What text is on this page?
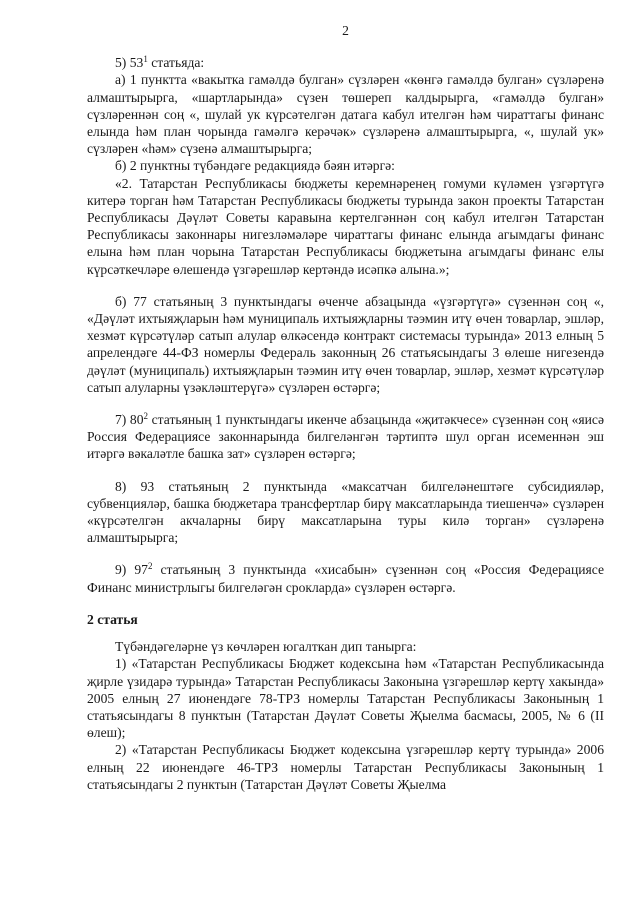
2

5) $53^1$ статьяда:

а) 1 пунктта «вакытка гамәлдә булган» сүзләрен «көнгә гамәлдә булган» сүзләренә алмаштырырга, «шартларында» сүзен төшереп калдырырга, «гамәлдә булган» сүзләреннән соң «, шулай ук күрсәтелгән датага кабул ителгән һәм чираттагы финанс елында һәм план чорында гамәлгә керәчәк» сүзләренә алмаштырырга, «, шулай ук» сүзләрен «һәм» сүзенә алмаштырырга;

б) 2 пунктны түбәндәге редакциядә бәян итәргә:

«2. Татарстан Республикасы бюджеты керемнәренең гомуми күләмен үзгәртүгә китерә торган һәм Татарстан Республикасы бюджеты турында закон проекты Татарстан Республикасы Дәүләт Советы каравына кертелгәннән соң кабул ителгән Татарстан Республикасы законнары нигезләмәләре чираттагы финанс елында агымдагы финанс елына һәм план чорына Татарстан Республикасы бюджетына агымдагы финанс елы күрсәткечләре өлешендә үзгәрешләр кертәндә исәпкә алына.»;

б) 77 статьяның 3 пунктындагы өченче абзацында «үзгәртүгә» сүзеннән соң «, «Дәүләт ихтыяҗларын һәм муниципаль ихтыяҗларны тәэмин итү өчен товарлар, эшләр, хезмәт күрсәтүләр сатып алулар өлкәсендә контракт системасы турында» 2013 елның 5 апрелендәге 44-ФЗ номерлы Федераль законның 26 статьясындагы 3 өлеше нигезендә дәүләт (муниципаль) ихтыяҗларын тәэмин итү өчен товарлар, эшләр, хезмәт күрсәтүләр сатып алуларны үзәкләштерүгә» сүзләрен өстәргә;

7) $80^2$ статьяның 1 пунктындагы икенче абзацында «җитәкчесе» сүзеннән соң «яисә Россия Федерациясе законнарында билгеләнгән тәртиптә шул орган исеменнән эш итәргә вәкаләтле башка зат» сүзләрен өстәргә;

8) 93 статьяның 2 пунктында «максатчан билгеләнештәге субсидияләр, субвенцияләр, башка бюджетара трансфертлар бирү максатларында тиешенчә» сүзләрен «күрсәтелгән акчаларны бирү максатларына туры килә торган» сүзләренә алмаштырырга;

9) $97^2$ статьяның 3 пунктында «хисабын» сүзеннән соң «Россия Федерациясе Финанс министрлыгы билгеләгән срокларда» сүзләрен өстәргә.

2 статья

Түбәндәгеләрне үз көчләрен югалткан дип танырга:

1) «Татарстан Республикасы Бюджет кодексына һәм «Татарстан Республикасында җирле үзидарә турында» Татарстан Республикасы Законына үзгәрешләр кертү хакында» 2005 елның 27 июнендәге 78-ТРЗ номерлы Татарстан Республикасы Законының 1 статьясындагы 8 пунктын (Татарстан Дәүләт Советы Җыелма басмасы, 2005, № 6 (II өлеш);

2) «Татарстан Республикасы Бюджет кодексына үзгәрешләр кертү турында» 2006 елның 22 июнендәге 46-ТРЗ номерлы Татарстан Республикасы Законының 1 статьясындагы 2 пунктын (Татарстан Дәүләт Советы Җыелма
